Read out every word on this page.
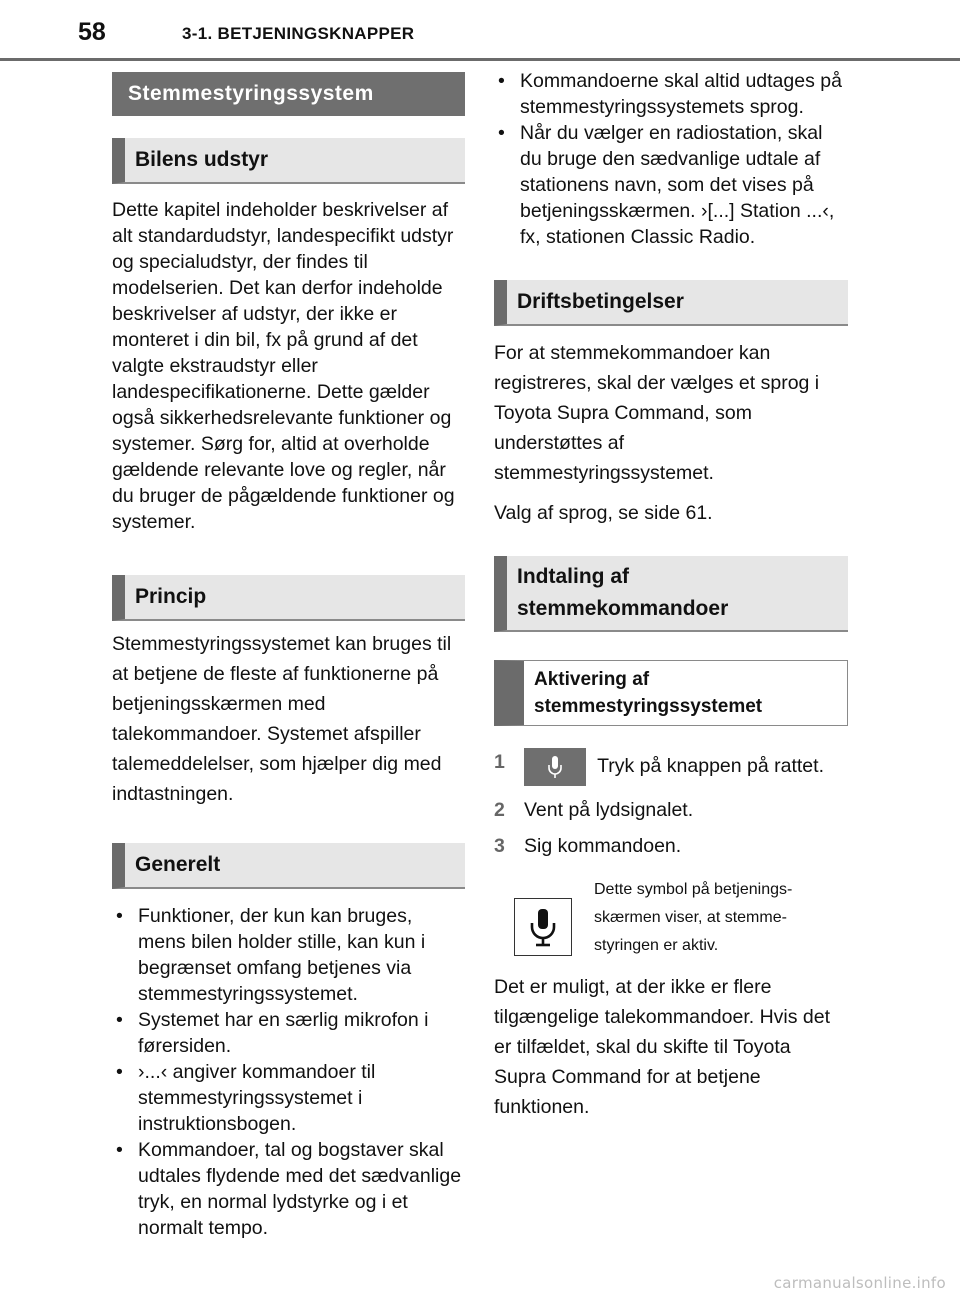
58	3-1. BETJENINGSKNAPPER
Stemmestyringssystem
Bilens udstyr

Dette kapitel indeholder beskrivelser af alt standardudstyr, landespecifikt udstyr og specialudstyr, der findes til modelserien. Det kan derfor indeholde beskrivelser af udstyr, der ikke er monteret i din bil, fx på grund af det valgte ekstraudstyr eller landespecifikationerne. Dette gælder også sikkerhedsrelevante funktioner og systemer. Sørg for, altid at overholde gældende relevante love og regler, når du bruger de pågældende funktioner og systemer.

Princip

Stemmestyringssystemet kan bruges til at betjene de fleste af funktionerne på betjeningsskærmen med talekommandoer. Systemet afspiller talemeddelelser, som hjælper dig med indtastningen.

Generelt
• Funktioner, der kun kan bruges, mens bilen holder stille, kan kun i begrænset omfang betjenes via stemmestyringssystemet.
• Systemet har en særlig mikrofon i førersiden.
• ›...‹ angiver kommandoer til stemmestyringssystemet i instruktionsbogen.
• Kommandoer, tal og bogstaver skal udtales flydende med det sædvanlige tryk, en normal lydstyrke og i et normalt tempo.
• Kommandoerne skal altid udtages på stemmestyringssystemets sprog.
• Når du vælger en radiostation, skal du bruge den sædvanlige udtale af stationens navn, som det vises på betjeningsskærmen. ›[...] Station ...‹, fx, stationen Classic Radio.
Driftsbetingelser

For at stemmekommandoer kan registreres, skal der vælges et sprog i Toyota Supra Command, som understøttes af stemmestyringssystemet.

Valg af sprog, se side 61.

Indtaling af
stemmekommandoer
Aktivering af
stemmestyringssystemet
1	Tryk på knappen på rattet.
2 Vent på lydsignalet.
3 Sig kommandoen.
Dette symbol på betjenings-
skærmen viser, at stemme-
styringen er aktiv.

Det er muligt, at der ikke er flere tilgængelige talekommandoer. Hvis det er tilfældet, skal du skifte til Toyota Supra Command for at betjene funktionen.

carmanualsonline.info
